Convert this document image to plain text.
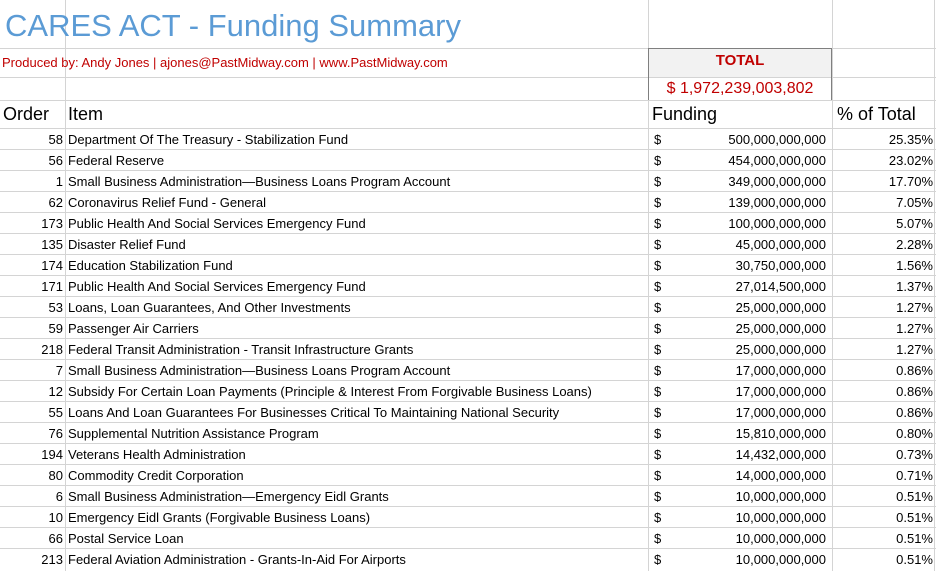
CARES ACT - Funding Summary
Produced by: Andy Jones | ajones@PastMidway.com | www.PastMidway.com	TOTAL
$ 1,972,239,003,802
Order Item	Funding	% of Total
58 Department Of The Treasury - Stabilization Fund	$	500,000,000,000	25.35%
56 Federal Reserve	$	454,000,000,000	23.02%
1 Small Business Administration—Business Loans Program Account	$	349,000,000,000	17.70%
62 Coronavirus Relief Fund - General	$	139,000,000,000	7.05%
173 Public Health And Social Services Emergency Fund	$	100,000,000,000	5.07%
135 Disaster Relief Fund	$	45,000,000,000	2.28%
174 Education Stabilization Fund	$	30,750,000,000	1.56%
171 Public Health And Social Services Emergency Fund	$	27,014,500,000	1.37%
53 Loans, Loan Guarantees, And Other Investments	$	25,000,000,000	1.27%
59 Passenger Air Carriers	$	25,000,000,000	1.27%
218 Federal Transit Administration - Transit Infrastructure Grants	$	25,000,000,000	1.27%
7 Small Business Administration—Business Loans Program Account	$	17,000,000,000	0.86%
12 Subsidy For Certain Loan Payments (Principle & Interest From Forgivable Business Loans)	$	17,000,000,000	0.86%
55 Loans And Loan Guarantees For Businesses Critical To Maintaining National Security	$	17,000,000,000	0.86%
76 Supplemental Nutrition Assistance Program	$	15,810,000,000	0.80%
194 Veterans Health Administration	$	14,432,000,000	0.73%
80 Commodity Credit Corporation	$	14,000,000,000	0.71%
6 Small Business Administration—Emergency Eidl Grants	$	10,000,000,000	0.51%
10 Emergency Eidl Grants (Forgivable Business Loans)	$	10,000,000,000	0.51%
66 Postal Service Loan	$	10,000,000,000	0.51%
213 Federal Aviation Administration - Grants-In-Aid For Airports	$	10,000,000,000	0.51%
